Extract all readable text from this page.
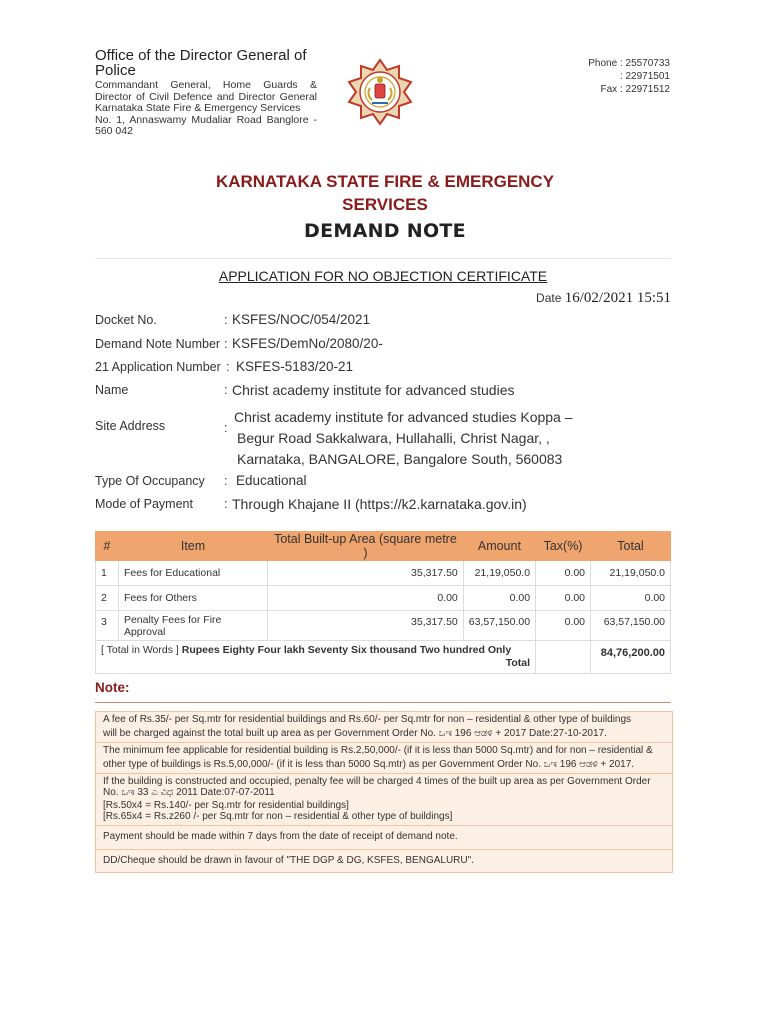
Office of the Director General of Police
Commandant General, Home Guards & Director of Civil Defence and Director General Karnataka State Fire & Emergency Services
No. 1, Annaswamy Mudaliar Road Banglore - 560 042
Phone : 25570733
: 22971501
Fax : 22971512
KARNATAKA STATE FIRE & EMERGENCY
SERVICES
DEMAND NOTE
APPLICATION FOR NO OBJECTION CERTIFICATE
Date 16/02/2021 15:51
Docket No.	: KSFES/NOC/054/2021
Demand Note Number : KSFES/DemNo/2080/20-
21 Application Number : KSFES-5183/20-21
Name	: Christ academy institute for advanced studies
Site Address	:
Christ academy institute for advanced studies Koppa –
Begur Road Sakkalwara, Hullahalli, Christ Nagar, ,
Karnataka, BANGALORE, Bangalore South, 560083
Type Of Occupancy : Educational
Mode of Payment : Through Khajane II (https://k2.karnataka.gov.in)
#	Item	Total Built-up Area (square metre )	Amount	Tax(%)	Total
1	Fees for Educational	35,317.50	21,19,050.0	0.00	21,19,050.0
2	Fees for Others	0.00	0.00	0.00	0.00
3	Penalty Fees for Fire Approval	35,317.50	63,57,150.00	0.00	63,57,150.00
[ Total in Words ] Rupees Eighty Four lakh Seventy Six thousand Two hundred Only
Total					84,76,200.00
Note:

A fee of Rs.35/- per Sq.mtr for residential buildings and Rs.60/- per Sq.mtr for non – residential & other type of buildings

will be charged against the total built up area as per Government Order No. ಒಇ 196 ಆಡಳಿ + 2017 Date:27-10-2017.

The minimum fee applicable for residential building is Rs.2,50,000/- (if it is less than 5000 Sq.mtr) and for non – residential &

other type of buildings is Rs.5,00,000/- (if it is less than 5000 Sq.mtr) as per Government Order No. ಒಇ 196 ಆಡಳಿ + 2017.

If the building is constructed and occupied, penalty fee will be charged 4 times of the built up area as per Government Order No. ಒಇ 33 ಎ ವಿಧ 2011 Date:07-07-2011

[Rs.50x4 = Rs.140/- per Sq.mtr for residential buildings]

[Rs.65x4 = Rs.z260 /- per Sq.mtr for non – residential & other type of buildings]

Payment should be made within 7 days from the date of receipt of demand note.

DD/Cheque should be drawn in favour of "THE DGP & DG, KSFES, BENGALURU".
